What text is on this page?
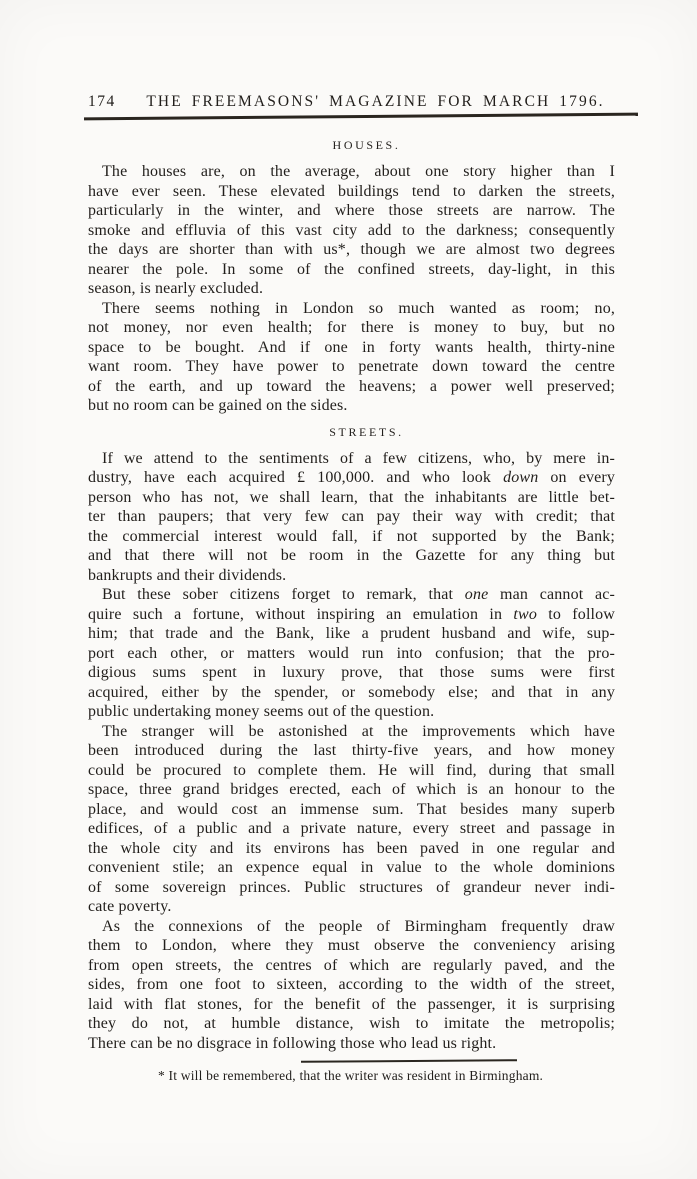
174	THE FREEMASONS' MAGAZINE FOR MARCH 1796.
HOUSES.
The houses are, on the average, about one story higher than I
have ever seen. These elevated buildings tend to darken the streets,
particularly in the winter, and where those streets are narrow. The
smoke and effluvia of this vast city add to the darkness; consequently
the days are shorter than with us*, though we are almost two degrees
nearer the pole. In some of the confined streets, day-light, in this
season, is nearly excluded.
There seems nothing in London so much wanted as room; no,
not money, nor even health; for there is money to buy, but no
space to be bought. And if one in forty wants health, thirty-nine
want room. They have power to penetrate down toward the centre
of the earth, and up toward the heavens; a power well preserved;
but no room can be gained on the sides.
STREETS.
If we attend to the sentiments of a few citizens, who, by mere in-
dustry, have each acquired £ 100,000. and who look down on every
person who has not, we shall learn, that the inhabitants are little bet-
ter than paupers; that very few can pay their way with credit; that
the commercial interest would fall, if not supported by the Bank;
and that there will not be room in the Gazette for any thing but
bankrupts and their dividends.
But these sober citizens forget to remark, that one man cannot ac-
quire such a fortune, without inspiring an emulation in two to follow
him; that trade and the Bank, like a prudent husband and wife, sup-
port each other, or matters would run into confusion; that the pro-
digious sums spent in luxury prove, that those sums were first
acquired, either by the spender, or somebody else; and that in any
public undertaking money seems out of the question.
The stranger will be astonished at the improvements which have
been introduced during the last thirty-five years, and how money
could be procured to complete them. He will find, during that small
space, three grand bridges erected, each of which is an honour to the
place, and would cost an immense sum. That besides many superb
edifices, of a public and a private nature, every street and passage in
the whole city and its environs has been paved in one regular and
convenient stile; an expence equal in value to the whole dominions
of some sovereign princes. Public structures of grandeur never indi-
cate poverty.
As the connexions of the people of Birmingham frequently draw
them to London, where they must observe the conveniency arising
from open streets, the centres of which are regularly paved, and the
sides, from one foot to sixteen, according to the width of the street,
laid with flat stones, for the benefit of the passenger, it is surprising
they do not, at humble distance, wish to imitate the metropolis;
There can be no disgrace in following those who lead us right.
* It will be remembered, that the writer was resident in Birmingham.
